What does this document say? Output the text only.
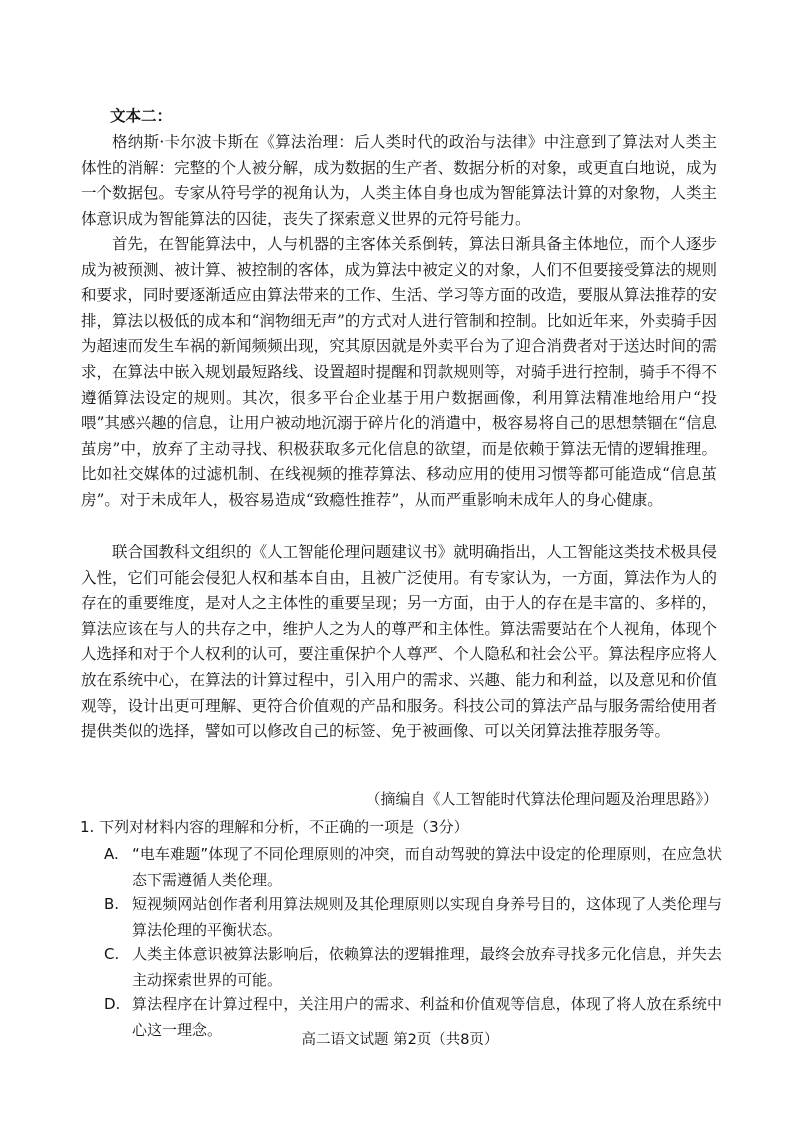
文本二：
格纳斯·卡尔波卡斯在《算法治理：后人类时代的政治与法律》中注意到了算法对人类主体性的消解：完整的个人被分解，成为数据的生产者、数据分析的对象，或更直白地说，成为一个数据包。专家从符号学的视角认为，人类主体自身也成为智能算法计算的对象物，人类主体意识成为智能算法的囚徒，丧失了探索意义世界的元符号能力。
首先，在智能算法中，人与机器的主客体关系倒转，算法日渐具备主体地位，而个人逐步成为被预测、被计算、被控制的客体，成为算法中被定义的对象，人们不但要接受算法的规则和要求，同时要逐渐适应由算法带来的工作、生活、学习等方面的改造，要服从算法推荐的安排，算法以极低的成本和“润物细无声”的方式对人进行管制和控制。比如近年来，外卖骑手因为超速而发生车祸的新闻频频出现，究其原因就是外卖平台为了迎合消费者对于送达时间的需求，在算法中嵌入规划最短路线、设置超时提醒和罚款规则等，对骑手进行控制，骑手不得不遵循算法设定的规则。其次，很多平台企业基于用户数据画像，利用算法精准地给用户“投喂”其感兴趣的信息，让用户被动地沉溺于碎片化的消遣中，极容易将自己的思想禁锢在“信息茧房”中，放弃了主动寻找、积极获取多元化信息的欲望，而是依赖于算法无情的逻辑推理。比如社交媒体的过滤机制、在线视频的推荐算法、移动应用的使用习惯等都可能造成“信息茧房”。对于未成年人，极容易造成“致瘾性推荐”，从而严重影响未成年人的身心健康。
联合国教科文组织的《人工智能伦理问题建议书》就明确指出，人工智能这类技术极具侵入性，它们可能会侵犯人权和基本自由，且被广泛使用。有专家认为，一方面，算法作为人的存在的重要维度，是对人之主体性的重要呈现；另一方面，由于人的存在是丰富的、多样的，算法应该在与人的共存之中，维护人之为人的尊严和主体性。算法需要站在个人视角，体现个人选择和对于个人权利的认可，要注重保护个人尊严、个人隐私和社会公平。算法程序应将人放在系统中心，在算法的计算过程中，引入用户的需求、兴趣、能力和利益，以及意见和价值观等，设计出更可理解、更符合价值观的产品和服务。科技公司的算法产品与服务需给使用者提供类似的选择，譬如可以修改自己的标签、免于被画像、可以关闭算法推荐服务等。
（摘编自《人工智能时代算法伦理问题及治理思路》）
1. 下列对材料内容的理解和分析，不正确的一项是（3分）
A. “电车难题”体现了不同伦理原则的冲突，而自动驾驶的算法中设定的伦理原则，在应急状态下需遵循人类伦理。
B. 短视频网站创作者利用算法规则及其伦理原则以实现自身养号目的，这体现了人类伦理与算法伦理的平衡状态。
C. 人类主体意识被算法影响后，依赖算法的逻辑推理，最终会放弃寻找多元化信息，并失去主动探索世界的可能。
D. 算法程序在计算过程中，关注用户的需求、利益和价值观等信息，体现了将人放在系统中心这一理念。
高二语文试题 第2页（共8页）
